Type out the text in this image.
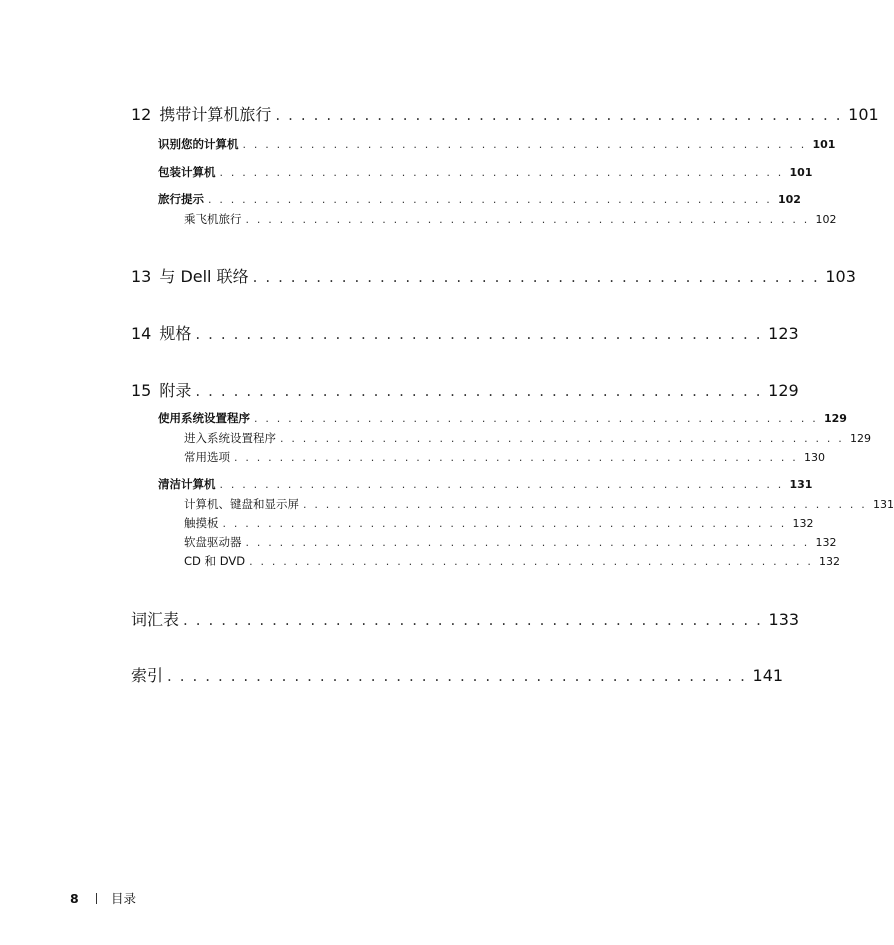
12 携带计算机旅行 . . . . . . . . . . . . . . . . . . . . . . . . . . . . . . . . . . . . . . . . . . . . . 101
识别您的计算机 . . . . . . . . . . . . . . . . . . . . . . . . . . . . . . . . . . . . . . . . . . . . . . . . . . 101
包装计算机 . . . . . . . . . . . . . . . . . . . . . . . . . . . . . . . . . . . . . . . . . . . . . . . . . . 101
旅行提示 . . . . . . . . . . . . . . . . . . . . . . . . . . . . . . . . . . . . . . . . . . . . . . . . . . 102
乘飞机旅行 . . . . . . . . . . . . . . . . . . . . . . . . . . . . . . . . . . . . . . . . . . . . . . . . . . 102
13 与 Dell 联络 . . . . . . . . . . . . . . . . . . . . . . . . . . . . . . . . . . . . . . . . . . . . . 103
14 规格 . . . . . . . . . . . . . . . . . . . . . . . . . . . . . . . . . . . . . . . . . . . . . 123
15 附录 . . . . . . . . . . . . . . . . . . . . . . . . . . . . . . . . . . . . . . . . . . . . . 129
使用系统设置程序 . . . . . . . . . . . . . . . . . . . . . . . . . . . . . . . . . . . . . . . . . . . . . . . . . . 129
进入系统设置程序 . . . . . . . . . . . . . . . . . . . . . . . . . . . . . . . . . . . . . . . . . . . . . . . . . . 129
常用选项 . . . . . . . . . . . . . . . . . . . . . . . . . . . . . . . . . . . . . . . . . . . . . . . . . . 130
清洁计算机 . . . . . . . . . . . . . . . . . . . . . . . . . . . . . . . . . . . . . . . . . . . . . . . . . . 131
计算机、键盘和显示屏 . . . . . . . . . . . . . . . . . . . . . . . . . . . . . . . . . . . . . . . . . . . . . . . . . . 131
触摸板 . . . . . . . . . . . . . . . . . . . . . . . . . . . . . . . . . . . . . . . . . . . . . . . . . . 132
软盘驱动器 . . . . . . . . . . . . . . . . . . . . . . . . . . . . . . . . . . . . . . . . . . . . . . . . . . 132
CD 和 DVD . . . . . . . . . . . . . . . . . . . . . . . . . . . . . . . . . . . . . . . . . . . . . . . . . . 132
词汇表 . . . . . . . . . . . . . . . . . . . . . . . . . . . . . . . . . . . . . . . . . . . . . . 133
索引 . . . . . . . . . . . . . . . . . . . . . . . . . . . . . . . . . . . . . . . . . . . . . . 141
8	目录
